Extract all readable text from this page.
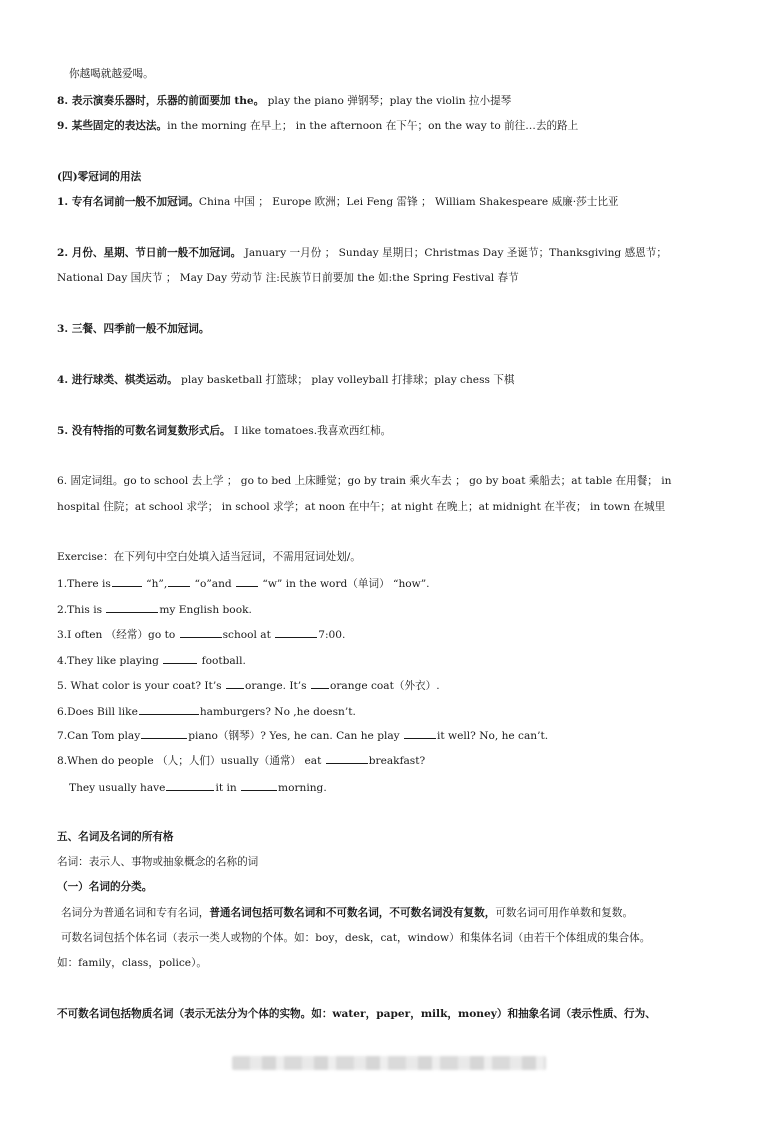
你越喝就越爱喝。
8. 表示演奏乐器时，乐器的前面要加 the。 play the piano 弹钢琴；play the violin 拉小提琴
9. 某些固定的表达法。in the morning 在早上； in the afternoon 在下午；on the way to 前往…去的路上
(四)零冠词的用法
1. 专有名词前一般不加冠词。China 中国 ； Europe 欧洲；Lei Feng 雷锋 ； William Shakespeare 威廉·莎士比亚
2. 月份、星期、节日前一般不加冠词。 January 一月份 ； Sunday 星期日；Christmas Day 圣诞节；Thanksgiving 感恩节；
National Day 国庆节 ； May Day 劳动节 注:民族节日前要加 the 如:the Spring Festival 春节
3. 三餐、四季前一般不加冠词。
4. 进行球类、棋类运动。 play basketball 打篮球； play volleyball 打排球；play chess 下棋
5. 没有特指的可数名词复数形式后。 I like tomatoes.我喜欢西红柿。
6. 固定词组。go to school 去上学 ； go to bed 上床睡觉；go by train 乘火车去 ； go by boat 乘船去；at table 在用餐； in
hospital 住院；at school 求学； in school 求学；at noon 在中午；at night 在晚上；at midnight 在半夜； in town 在城里
Exercise：在下列句中空白处填入适当冠词，不需用冠词处划/。
1.There is	“h”, “o”and  “w” in the word（单词） “how”.
2.This is	my English book.
3.I often （经常）go to	school at	7:00.
4.They like playing	football.
5. What color is your coat? It’s orange. It’s orange coat（外衣）.
6.Does Bill like	hamburgers? No ,he doesn’t.
7.Can Tom play	piano（钢琴）? Yes, he can. Can he play	it well? No, he can’t.
8.When do people （人；人们）usually（通常） eat	breakfast?
They usually have	it in	morning.
五、名词及名词的所有格
名词：表示人、事物或抽象概念的名称的词
（一）名词的分类。
名词分为普通名词和专有名词，普通名词包括可数名词和不可数名词，不可数名词没有复数，可数名词可用作单数和复数。
可数名词包括个体名词（表示一类人或物的个体。如：boy，desk，cat，window）和集体名词（由若干个体组成的集合体。
如：family，class，police）。
不可数名词包括物质名词（表示无法分为个体的实物。如：water，paper，milk，money）和抽象名词（表示性质、行为、
